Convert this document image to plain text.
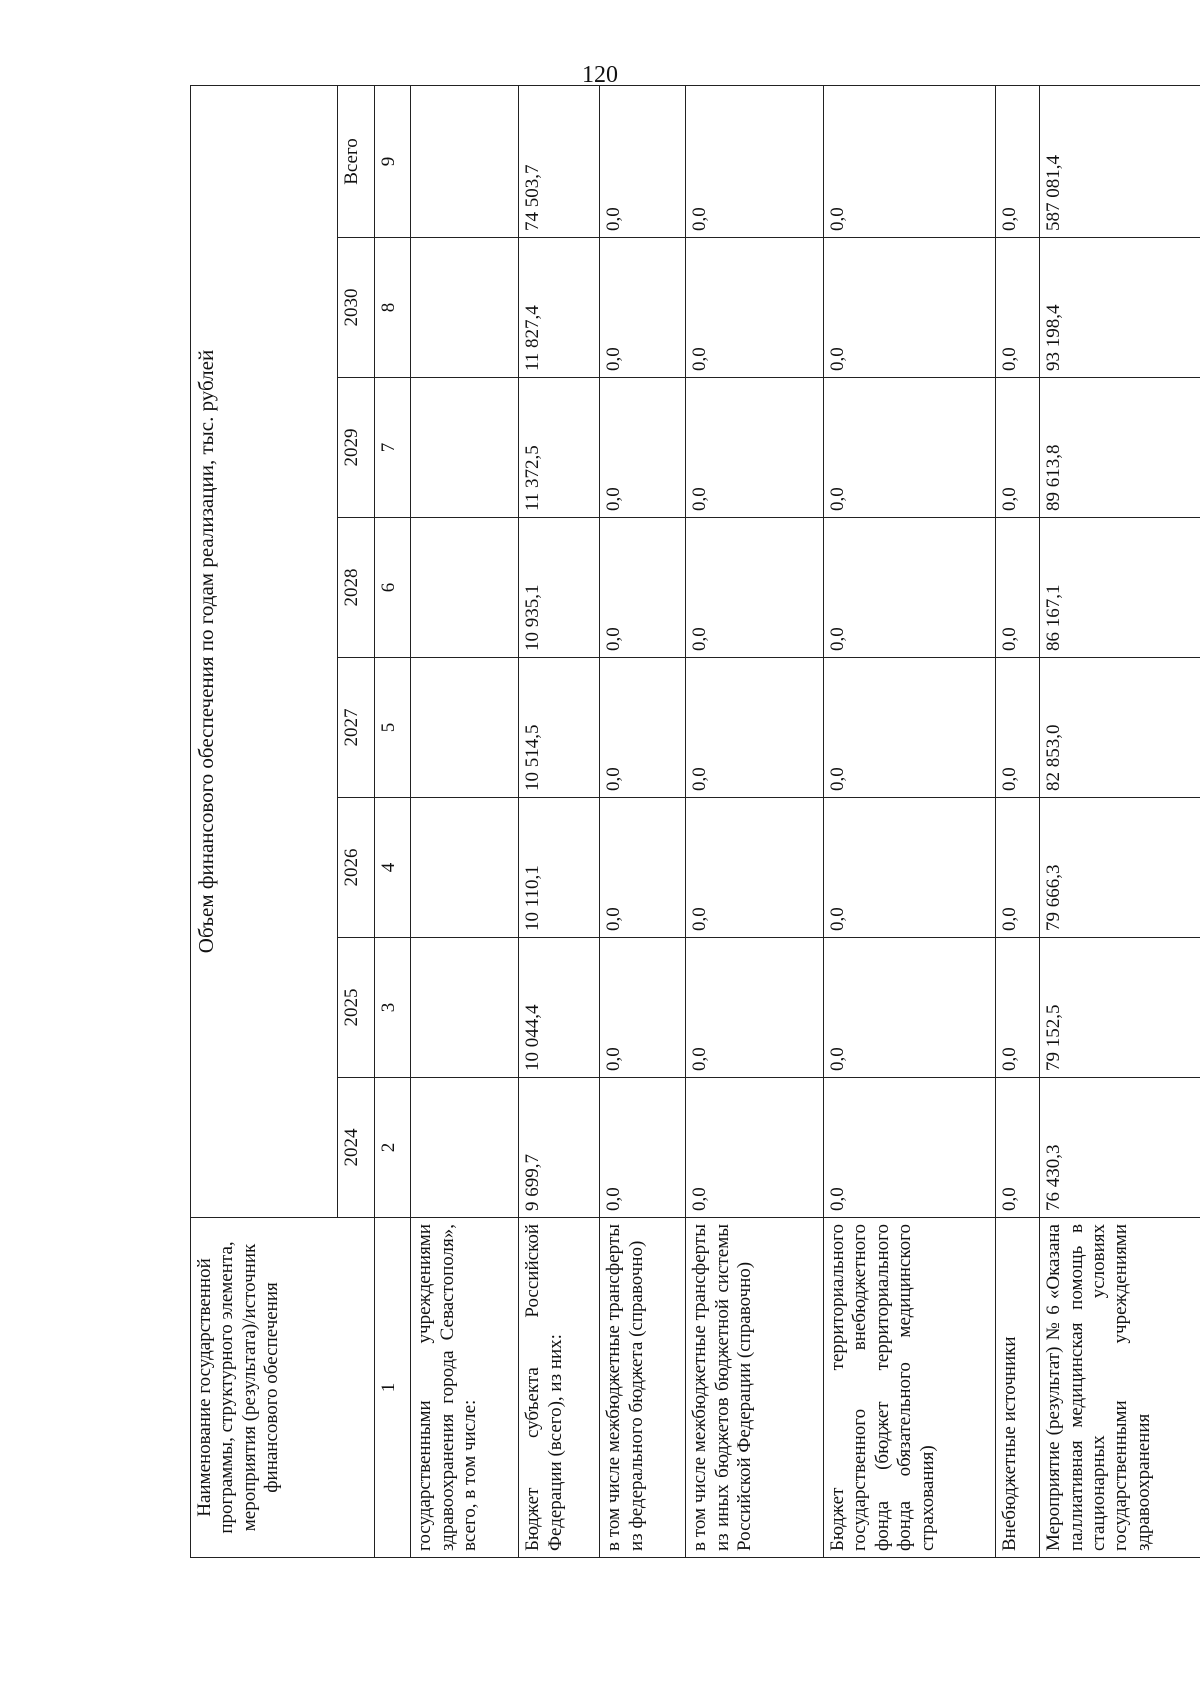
120
Наименование государственной программы, структурного элемента, мероприятия (результата)/источник финансового обеспечения	Объем финансового обеспечения по годам реализации, тыс. рублей							
	2024	2025	2026	2027	2028	2029	2030	Всего
1	2	3	4	5	6	7	8	9
государственными учреждениями здравоохранения города Севастополя», всего, в том числе:								
Бюджет субъекта Российской Федерации (всего), из них:	9 699,7	10 044,4	10 110,1	10 514,5	10 935,1	11 372,5	11 827,4	74 503,7
в том числе межбюджетные трансферты из федерального бюджета (справочно)	0,0	0,0	0,0	0,0	0,0	0,0	0,0	0,0
в том числе межбюджетные трансферты из иных бюджетов бюджетной системы Российской Федерации (справочно)	0,0	0,0	0,0	0,0	0,0	0,0	0,0	0,0
Бюджет территориального государственного внебюджетного фонда (бюджет территориального фонда обязательного медицинского страхования)	0,0	0,0	0,0	0,0	0,0	0,0	0,0	0,0
Внебюджетные источники	0,0	0,0	0,0	0,0	0,0	0,0	0,0	0,0
Мероприятие (результат) № 6 «Оказана паллиативная медицинская помощь в стационарных условиях государственными учреждениями здравоохранения	76 430,3	79 152,5	79 666,3	82 853,0	86 167,1	89 613,8	93 198,4	587 081,4
